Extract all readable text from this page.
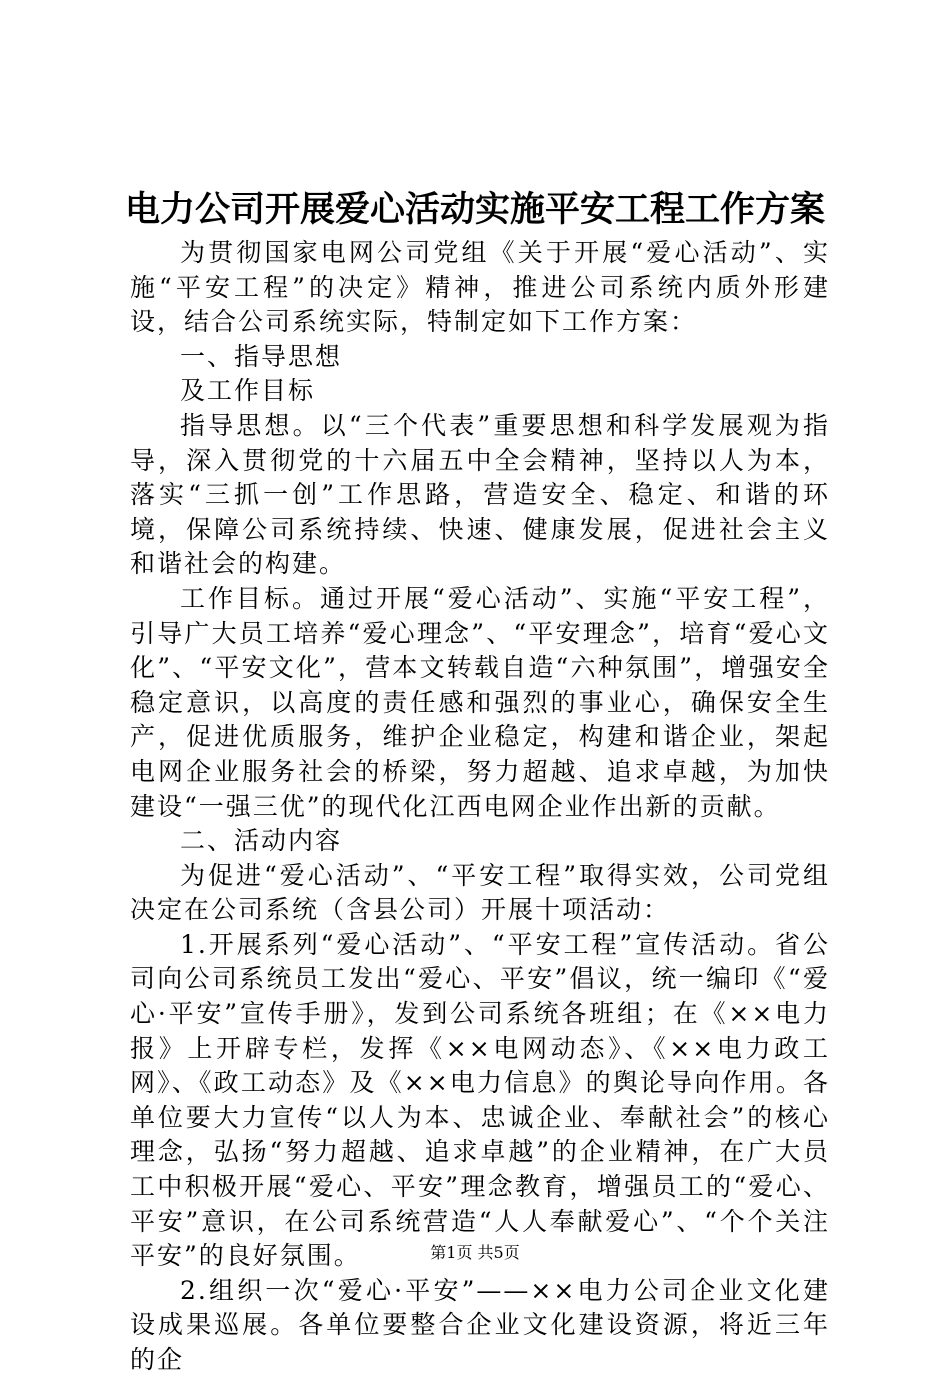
电力公司开展爱心活动实施平安工程工作方案

为贯彻国家电网公司党组《关于开展“爱心活动”、实施“平安工程”的决定》精神，推进公司系统内质外形建设，结合公司系统实际，特制定如下工作方案：

一、指导思想

及工作目标

指导思想。以“三个代表”重要思想和科学发展观为指导，深入贯彻党的十六届五中全会精神，坚持以人为本，落实“三抓一创”工作思路，营造安全、稳定、和谐的环境，保障公司系统持续、快速、健康发展，促进社会主义和谐社会的构建。

工作目标。通过开展“爱心活动”、实施“平安工程”，引导广大员工培养“爱心理念”、“平安理念”，培育“爱心文化”、“平安文化”，营本文转载自造“六种氛围”，增强安全稳定意识，以高度的责任感和强烈的事业心，确保安全生产，促进优质服务，维护企业稳定，构建和谐企业，架起电网企业服务社会的桥梁，努力超越、追求卓越，为加快建设“一强三优”的现代化江西电网企业作出新的贡献。

二、活动内容

为促进“爱心活动”、“平安工程”取得实效，公司党组决定在公司系统（含县公司）开展十项活动：

1.开展系列“爱心活动”、“平安工程”宣传活动。省公司向公司系统员工发出“爱心、平安”倡议，统一编印《“爱心·平安”宣传手册》，发到公司系统各班组；在《××电力报》上开辟专栏，发挥《××电网动态》、《××电力政工网》、《政工动态》及《××电力信息》的舆论导向作用。各单位要大力宣传“以人为本、忠诚企业、奉献社会”的核心理念，弘扬“努力超越、追求卓越”的企业精神，在广大员工中积极开展“爱心、平安”理念教育，增强员工的“爱心、平安”意识，在公司系统营造“人人奉献爱心”、“个个关注平安”的良好氛围。

2.组织一次“爱心·平安”——××电力公司企业文化建设成果巡展。各单位要整合企业文化建设资源，将近三年的企

第1页 共5页
